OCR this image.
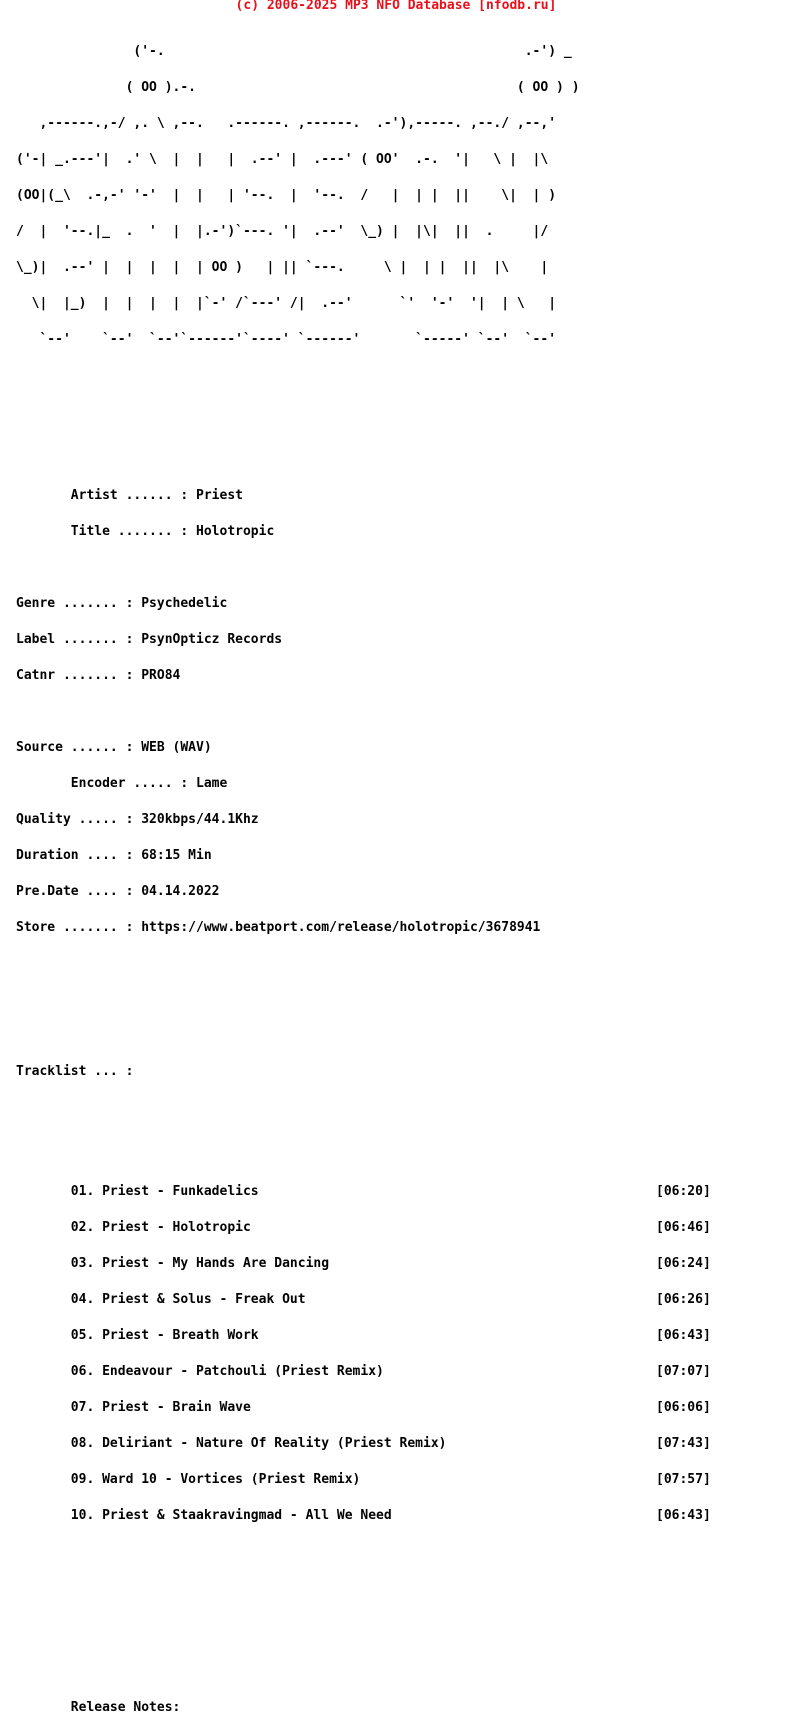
(c) 2006-2025 MP3 NFO Database [nfodb.ru]

('-.                                              .-') _

( OO ).-.                                         ( OO ) )

,------.,-/ ,. \ ,--.   .------. ,------.  .-'),-----. ,--./ ,--,'

('-| _.---'|  .' \  |  |   |  .--' |  .---' ( OO'  .-.  '|   \ |  |\

(OO|(_\  .-,-' '-'  |  |   | '--.  |  '--.  /   |  | |  ||    \|  | )

/  |  '--.|_  .  '  |  |.-')`---. '|  .--'  \_) |  |\|  ||  .     |/

\_)|  .--' |  |  |  |  | OO )   | || `---.     \ |  | |  ||  |\    |

\|  |_)  |  |  |  |  |`-' /`---' /|  .--'      `'  '-'  '|  | \   |

`--'    `--'  `--'`------'`----' `------'       `-----' `--'  `--'

Artist ...... : Priest

Title ....... : Holotropic

Genre ....... : Psychedelic

Label ....... : PsynOpticz Records

Catnr ....... : PRO84

Source ...... : WEB (WAV)

Encoder ..... : Lame

Quality ..... : 320kbps/44.1Khz

Duration .... : 68:15 Min

Pre.Date .... : 04.14.2022

Store ....... : https://www.beatport.com/release/holotropic/3678941

Tracklist ... :

01. Priest - Funkadelics	[06:20]

02. Priest - Holotropic	[06:46]

03. Priest - My Hands Are Dancing	[06:24]

04. Priest & Solus - Freak Out	[06:26]

05. Priest - Breath Work	[06:43]

06. Endeavour - Patchouli (Priest Remix)	[07:07]

07. Priest - Brain Wave	[06:06]

08. Deliriant - Nature Of Reality (Priest Remix)	[07:43]

09. Ward 10 - Vortices (Priest Remix)	[07:57]

10. Priest & Staakravingmad - All We Need	[06:43]

Release Notes:
